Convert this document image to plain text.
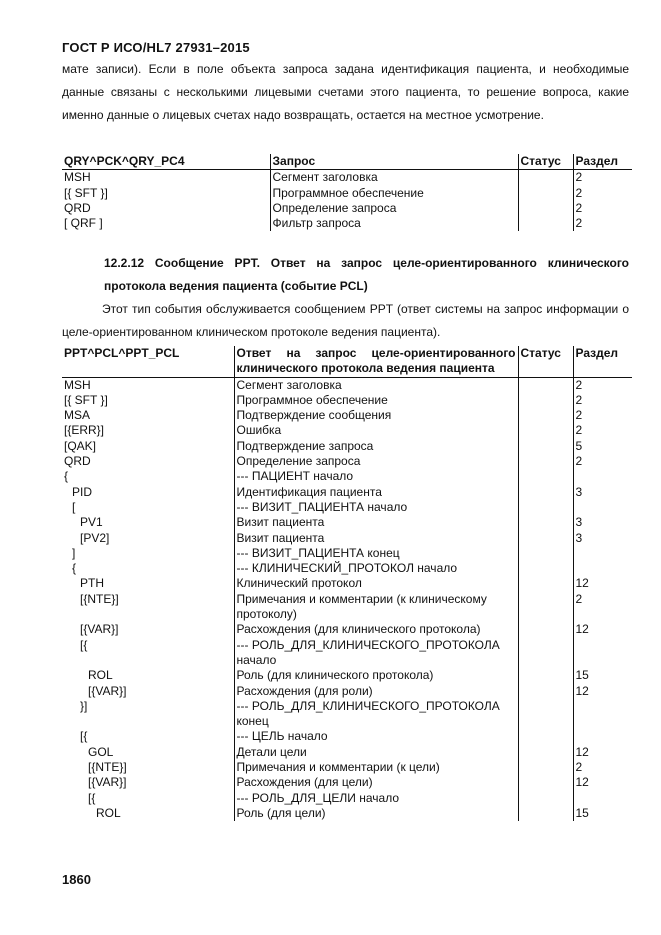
ГОСТ Р ИСО/HL7 27931–2015
мате записи). Если в поле объекта запроса задана идентификация пациента, и необходимые данные связаны с несколькими лицевыми счетами этого пациента, то решение вопроса, какие именно данные о лицевых счетах надо возвращать, остается на местное усмотрение.
QRY^PCK^QRY_PC4	Запрос	Статус	Раздел
MSH	Сегмент заголовка		2
[{ SFT }]	Программное обеспечение		2
QRD	Определение запроса		2
[ QRF ]	Фильтр запроса		2
12.2.12 Сообщение PPT. Ответ на запрос целе-ориентированного клинического протокола ведения пациента (событие PCL)
Этот тип события обслуживается сообщением PPT (ответ системы на запрос информации о целе-ориентированном клиническом протоколе ведения пациента).
PPT^PCL^PPT_PCL	Ответ на запрос целе-ориентированного клинического протокола ведения пациента	Статус	Раздел
MSH	Сегмент заголовка		2
[{ SFT }]	Программное обеспечение		2
MSA	Подтверждение сообщения		2
[{ERR}]	Ошибка		2
[QAK]	Подтверждение запроса		5
QRD	Определение запроса		2
{	--- ПАЦИЕНТ начало		
PID	Идентификация пациента		3
[	--- ВИЗИТ_ПАЦИЕНТА начало		
PV1	Визит пациента		3
[PV2]	Визит пациента		3
]	--- ВИЗИТ_ПАЦИЕНТА конец		
{	--- КЛИНИЧЕСКИЙ_ПРОТОКОЛ начало		
PTH	Клинический протокол		12
[{NTE}]	Примечания и комментарии (к клиническому протоколу)		2
[{VAR}]	Расхождения (для клинического протокола)		12
[{	--- РОЛЬ_ДЛЯ_КЛИНИЧЕСКОГО_ПРОТОКОЛА начало		
ROL	Роль (для клинического протокола)		15
[{VAR}]	Расхождения (для роли)		12
}]	--- РОЛЬ_ДЛЯ_КЛИНИЧЕСКОГО_ПРОТОКОЛА конец		
[{	--- ЦЕЛЬ начало		
GOL	Детали цели		12
[{NTE}]	Примечания и комментарии (к цели)		2
[{VAR}]	Расхождения (для цели)		12
[{	--- РОЛЬ_ДЛЯ_ЦЕЛИ начало		
ROL	Роль (для цели)		15
1860
